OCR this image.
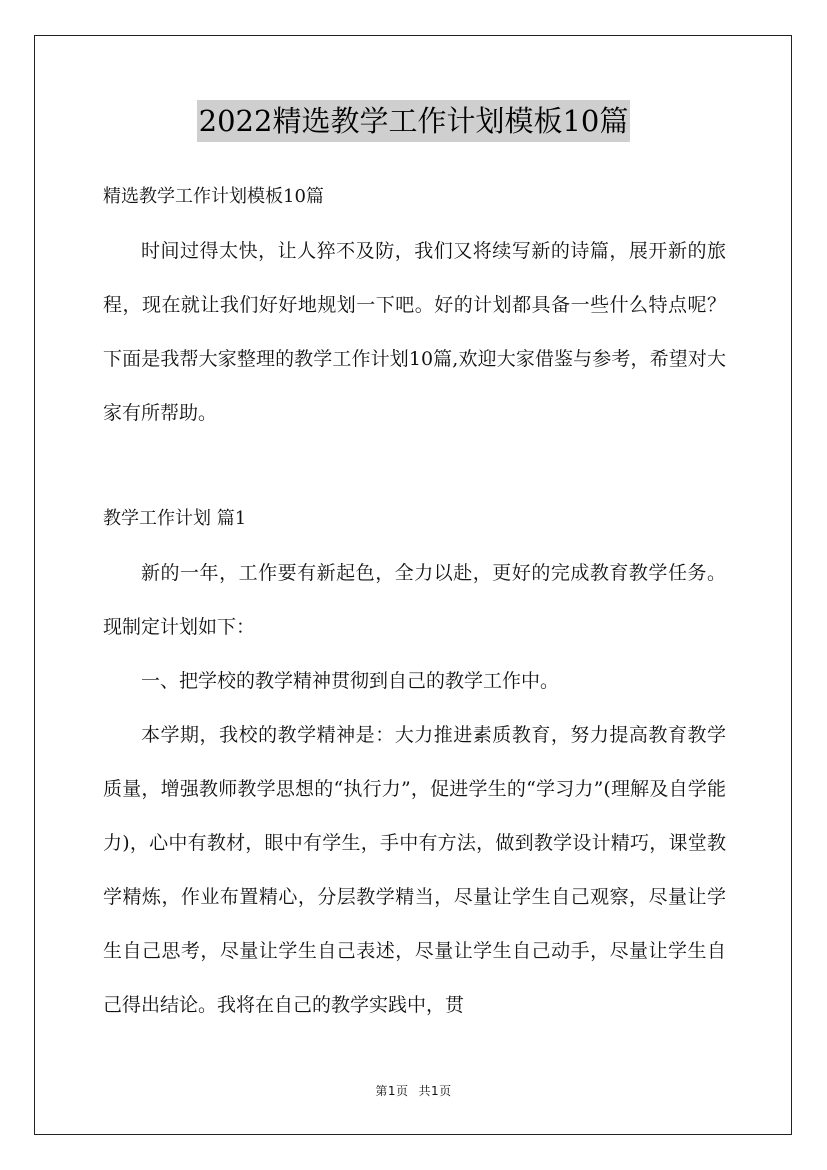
2022精选教学工作计划模板10篇

精选教学工作计划模板10篇

时间过得太快，让人猝不及防，我们又将续写新的诗篇，展开新的旅程，现在就让我们好好地规划一下吧。好的计划都具备一些什么特点呢？下面是我帮大家整理的教学工作计划10篇,欢迎大家借鉴与参考，希望对大家有所帮助。

教学工作计划 篇1

新的一年，工作要有新起色，全力以赴，更好的完成教育教学任务。现制定计划如下：

一、把学校的教学精神贯彻到自己的教学工作中。

本学期，我校的教学精神是：大力推进素质教育，努力提高教育教学质量，增强教师教学思想的“执行力”，促进学生的“学习力”(理解及自学能力)，心中有教材，眼中有学生，手中有方法，做到教学设计精巧，课堂教学精炼，作业布置精心，分层教学精当，尽量让学生自己观察，尽量让学生自己思考，尽量让学生自己表述，尽量让学生自己动手，尽量让学生自己得出结论。我将在自己的教学实践中，贯

第1页 共1页
